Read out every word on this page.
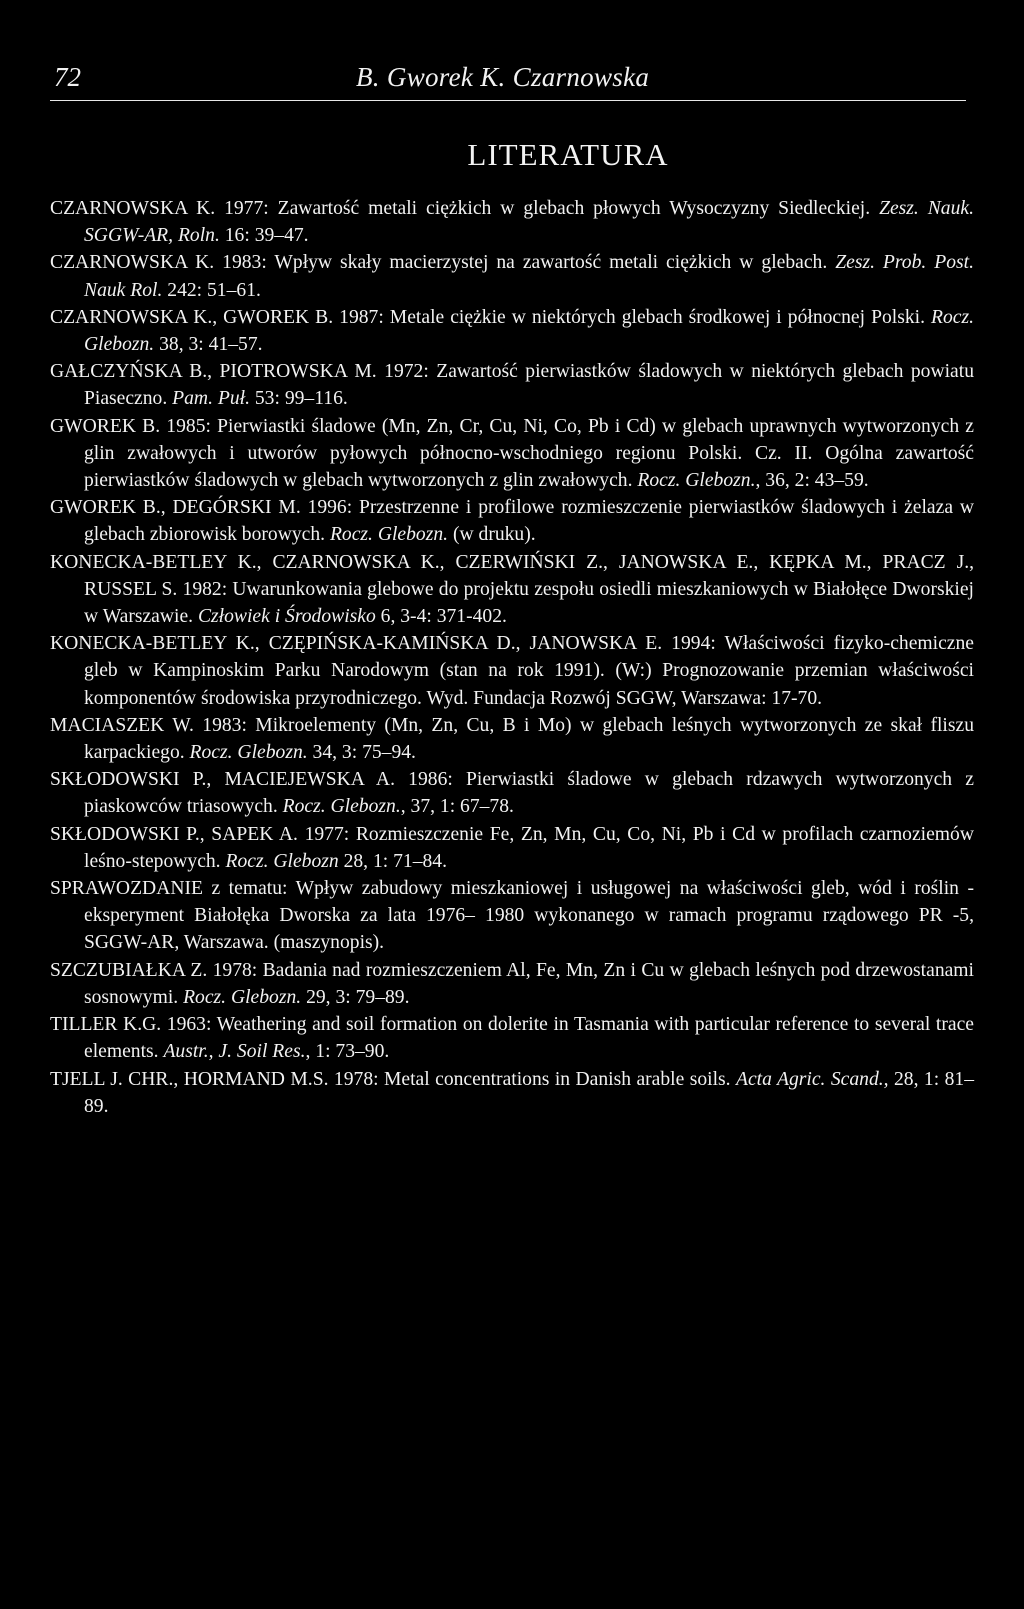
72	B. Gworek K. Czarnowska
LITERATURA
CZARNOWSKA K. 1977: Zawartość metali ciężkich w glebach płowych Wysoczyzny Siedleckiej. Zesz. Nauk. SGGW-AR, Roln. 16: 39–47.
CZARNOWSKA K. 1983: Wpływ skały macierzystej na zawartość metali ciężkich w glebach. Zesz. Prob. Post. Nauk Rol. 242: 51–61.
CZARNOWSKA K., GWOREK B. 1987: Metale ciężkie w niektórych glebach środkowej i północnej Polski. Rocz. Glebozn. 38, 3: 41–57.
GAŁCZYŃSKA B., PIOTROWSKA M. 1972: Zawartość pierwiastków śladowych w niektórych glebach powiatu Piaseczno. Pam. Puł. 53: 99–116.
GWOREK B. 1985: Pierwiastki śladowe (Mn, Zn, Cr, Cu, Ni, Co, Pb i Cd) w glebach uprawnych wytworzonych z glin zwałowych i utworów pyłowych północno-wschodniego regionu Polski. Cz. II. Ogólna zawartość pierwiastków śladowych w glebach wytworzonych z glin zwałowych. Rocz. Glebozn., 36, 2: 43–59.
GWOREK B., DEGÓRSKI M. 1996: Przestrzenne i profilowe rozmieszczenie pierwiastków śladowych i żelaza w glebach zbiorowisk borowych. Rocz. Glebozn. (w druku).
KONECKA-BETLEY K., CZARNOWSKA K., CZERWIŃSKI Z., JANOWSKA E., KĘPKA M., PRACZ J., RUSSEL S. 1982: Uwarunkowania glebowe do projektu zespołu osiedli mieszkaniowych w Białołęce Dworskiej w Warszawie. Człowiek i Środowisko 6, 3-4: 371-402.
KONECKA-BETLEY K., CZĘPIŃSKA-KAMIŃSKA D., JANOWSKA E. 1994: Właściwości fizyko-chemiczne gleb w Kampinoskim Parku Narodowym (stan na rok 1991). (W:) Prognozowanie przemian właściwości komponentów środowiska przyrodniczego. Wyd. Fundacja Rozwój SGGW, Warszawa: 17-70.
MACIASZEK W. 1983: Mikroelementy (Mn, Zn, Cu, B i Mo) w glebach leśnych wytworzonych ze skał fliszu karpackiego. Rocz. Glebozn. 34, 3: 75–94.
SKŁODOWSKI P., MACIEJEWSKA A. 1986: Pierwiastki śladowe w glebach rdzawych wytworzonych z piaskowców triasowych. Rocz. Glebozn., 37, 1: 67–78.
SKŁODOWSKI P., SAPEK A. 1977: Rozmieszczenie Fe, Zn, Mn, Cu, Co, Ni, Pb i Cd w profilach czarnoziemów leśno-stepowych. Rocz. Glebozn 28, 1: 71–84.
SPRAWOZDANIE z tematu: Wpływ zabudowy mieszkaniowej i usługowej na właściwości gleb, wód i roślin - eksperyment Białołęka Dworska za lata 1976– 1980 wykonanego w ramach programu rządowego PR -5, SGGW-AR, Warszawa. (maszynopis).
SZCZUBIAŁKA Z. 1978: Badania nad rozmieszczeniem Al, Fe, Mn, Zn i Cu w glebach leśnych pod drzewostanami sosnowymi. Rocz. Glebozn. 29, 3: 79–89.
TILLER K.G. 1963: Weathering and soil formation on dolerite in Tasmania with particular reference to several trace elements. Austr., J. Soil Res., 1: 73–90.
TJELL J. CHR., HORMAND M.S. 1978: Metal concentrations in Danish arable soils. Acta Agric. Scand., 28, 1: 81–89.
